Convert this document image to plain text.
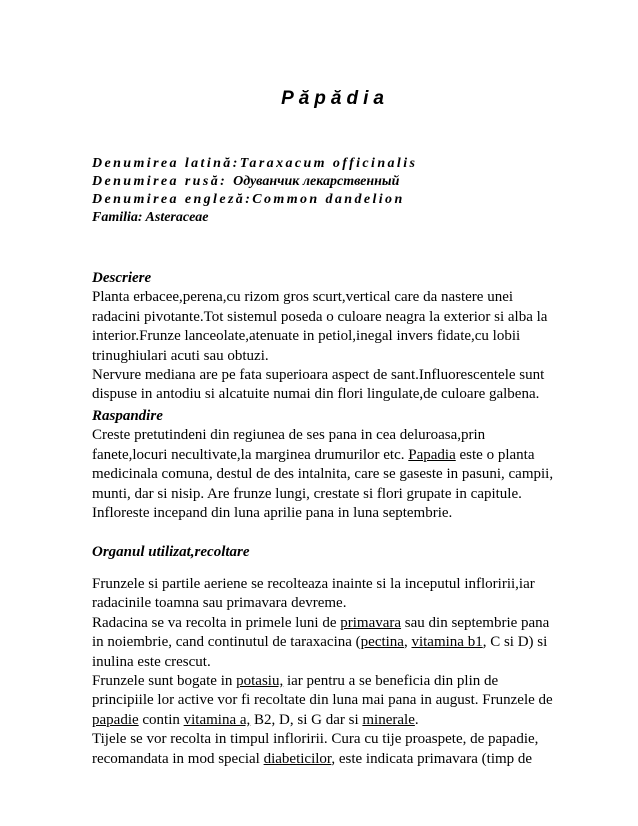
Păpădia
Denumirea latină:Taraxacum officinalis
Denumirea rusă: Одуванчик лекарственный
Denumirea engleză:Common dandelion
Familia: Asteraceae
Descriere
Planta erbacee,perena,cu rizom gros scurt,vertical care da nastere unei
radacini pivotante.Tot sistemul poseda o culoare neagra la exterior si alba la
interior.Frunze lanceolate,atenuate in petiol,inegal invers fidate,cu lobii
trinughiulari acuti sau obtuzi.
Nervure mediana are pe fata superioara aspect de sant.Influorescentele sunt
dispuse in antodiu si alcatuite numai din flori lingulate,de culoare galbena.
Raspandire
Creste pretutindeni din regiunea de ses pana in cea deluroasa,prin
fanete,locuri necultivate,la marginea drumurilor etc. Papadia este o planta
medicinala comuna, destul de des intalnita, care se gaseste in pasuni, campii,
munti, dar si nisip. Are frunze lungi, crestate si flori grupate in capitule.
Infloreste incepand din luna aprilie pana in luna septembrie.
Organul utilizat,recoltare
Frunzele si partile aeriene se recolteaza inainte si la inceputul infloririi,iar
radacinile toamna sau primavara devreme.
Radacina se va recolta in primele luni de primavara sau din septembrie pana
in noiembrie, cand continutul de taraxacina (pectina, vitamina b1, C si D) si
inulina este crescut.
Frunzele sunt bogate in potasiu, iar pentru a se beneficia din plin de
principiile lor active vor fi recoltate din luna mai pana in august. Frunzele de
papadie contin vitamina a, B2, D, si G dar si minerale.
Tijele se vor recolta in timpul infloririi. Cura cu tije proaspete, de papadie,
recomandata in mod special diabeticilor, este indicata primavara (timp de
